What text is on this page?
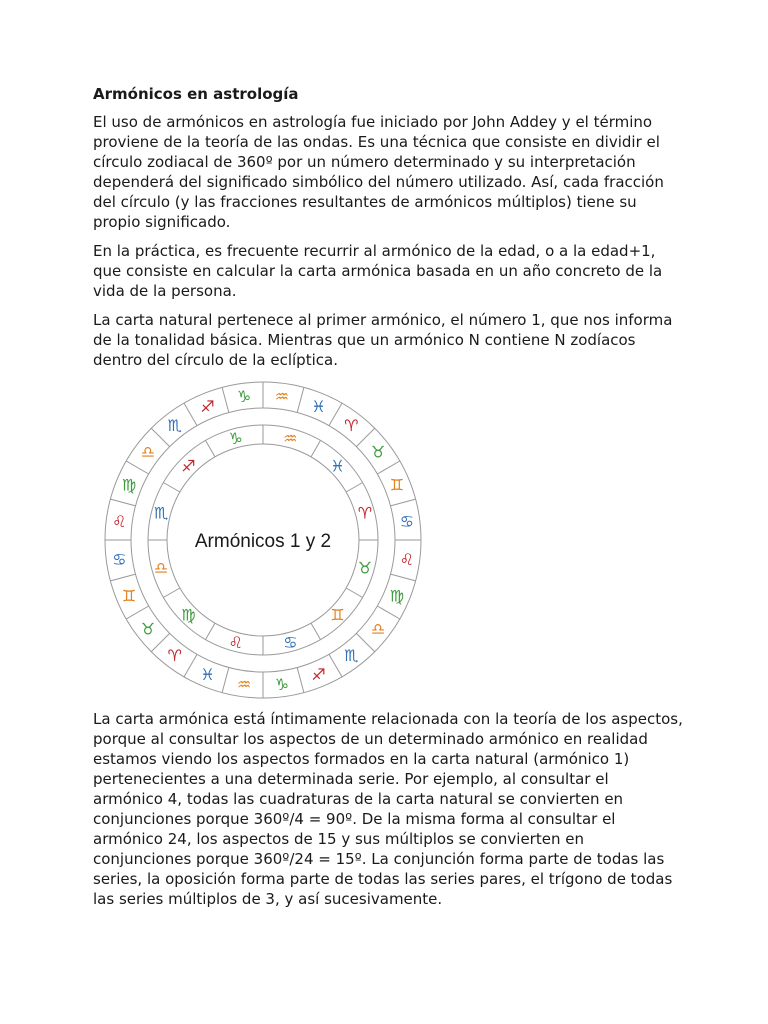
Armónicos en astrología

El uso de armónicos en astrología fue iniciado por John Addey y el término proviene de la teoría de las ondas. Es una técnica que consiste en dividir el círculo zodiacal de 360º por un número determinado y su interpretación dependerá del significado simbólico del número utilizado. Así, cada fracción del círculo (y las fracciones resultantes de armónicos múltiplos) tiene su propio significado.

En la práctica, es frecuente recurrir al armónico de la edad, o a la edad+1, que consiste en calcular la carta armónica basada en un año concreto de la vida de la persona.

La carta natural pertenece al primer armónico, el número 1, que nos informa de la tonalidad básica. Mientras que un armónico N contiene N zodíacos dentro del círculo de la eclíptica.

♑
♐
♏
♎
♍
♌
♋
♊
♉
♈
♓
♒ ♑
♐
♏
♎
♍
♌
♋
♊
♉
♈
♓
♒
♑
♐
♏
♎
♍
♌	♋
♊
♉
♈
♓
♒
Armónicos 1 y 2

La carta armónica está íntimamente relacionada con la teoría de los aspectos, porque al consultar los aspectos de un determinado armónico en realidad estamos viendo los aspectos formados en la carta natural (armónico 1) pertenecientes a una determinada serie. Por ejemplo, al consultar el armónico 4, todas las cuadraturas de la carta natural se convierten en conjunciones porque 360º/4 = 90º. De la misma forma al consultar el armónico 24, los aspectos de 15 y sus múltiplos se convierten en conjunciones porque 360º/24 = 15º. La conjunción forma parte de todas las series, la oposición forma parte de todas las series pares, el trígono de todas las series múltiplos de 3, y así sucesivamente.
